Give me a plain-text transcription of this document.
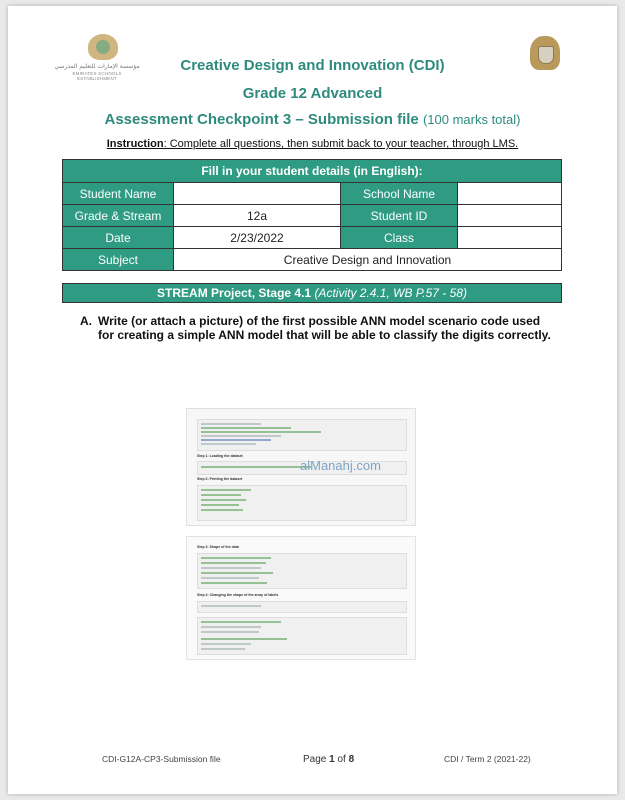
مؤسسة الإمارات للتعليم المدرسي
EMIRATES SCHOOLS ESTABLISHMENT
Creative Design and Innovation (CDI)
Grade 12 Advanced
Assessment Checkpoint 3 – Submission file (100 marks total)
Instruction: Complete all questions, then submit back to your teacher, through LMS.
Fill in your student details (in English):			
Student Name		School Name	
Grade & Stream	12a	Student ID	
Date	2/23/2022	Class	
Subject	Creative Design and Innovation		
STREAM Project, Stage 4.1 (Activity 2.4.1, WB P.57 - 58)
A. Write (or attach a picture) of the first possible ANN model scenario code used for creating a simple ANN model that will be able to classify the digits correctly.
Step 1: Loading the dataset
Step 2: Printing the dataset
Step 3: Shape of the data
Step 4: Changing the shape of the array of labels
alManahj.com
CDI-G12A-CP3-Submission file	Page 1 of 8	CDI / Term 2 (2021-22)
